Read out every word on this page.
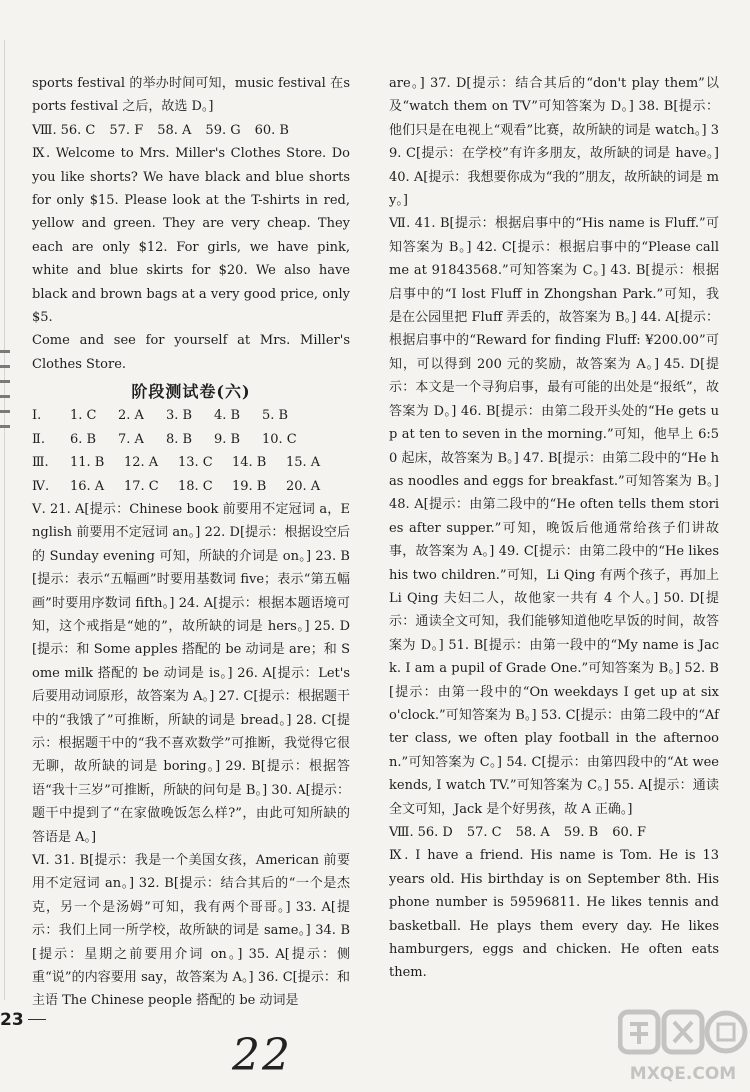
sports festival 的举办时间可知，music festival 在sports festival 之后，故选 D。]

Ⅷ. 56. C 57. F 58. A 59. G 60. B

Ⅸ. Welcome to Mrs. Miller's Clothes Store. Do you like shorts? We have black and blue shorts for only $15. Please look at the T-shirts in red, yellow and green. They are very cheap. They each are only $12. For girls, we have pink, white and blue skirts for $20. We also have black and brown bags at a very good price, only $5.

Come and see for yourself at Mrs. Miller's Clothes Store.

阶段测试卷(六)
Ⅰ.	1. C	2. A	3. B	4. B	5. B
Ⅱ.	6. B	7. A	8. B	9. B	10. C
Ⅲ.	11. B	12. A	13. C	14. B	15. A
Ⅳ.	16. A	17. C	18. C	19. B	20. A

Ⅴ. 21. A[提示：Chinese book 前要用不定冠词 a，English 前要用不定冠词 an。] 22. D[提示：根据设空后的 Sunday evening 可知，所缺的介词是 on。] 23. B[提示：表示“五幅画”时要用基数词 five；表示“第五幅画”时要用序数词 fifth。] 24. A[提示：根据本题语境可知，这个戒指是“她的”，故所缺的词是 hers。] 25. D[提示：和 Some apples 搭配的 be 动词是 are；和 Some milk 搭配的 be 动词是 is。] 26. A[提示：Let's 后要用动词原形，故答案为 A。] 27. C[提示：根据题干中的“我饿了”可推断，所缺的词是 bread。] 28. C[提示：根据题干中的“我不喜欢数学”可推断，我觉得它很无聊，故所缺的词是 boring。] 29. B[提示：根据答语“我十三岁”可推断，所缺的问句是 B。] 30. A[提示：题干中提到了“在家做晚饭怎么样?”，由此可知所缺的答语是 A。]

Ⅵ. 31. B[提示：我是一个美国女孩，American 前要用不定冠词 an。] 32. B[提示：结合其后的“一个是杰克，另一个是汤姆”可知，我有两个哥哥。] 33. A[提示：我们上同一所学校，故所缺的词是 same。] 34. B[提示：星期之前要用介词 on。] 35. A[提示：侧重“说”的内容要用 say，故答案为 A。] 36. C[提示：和主语 The Chinese people 搭配的 be 动词是

are。] 37. D[提示：结合其后的“don't play them”以及“watch them on TV”可知答案为 D。] 38. B[提示：他们只是在电视上“观看”比赛，故所缺的词是 watch。] 39. C[提示：在学校”有许多朋友，故所缺的词是 have。] 40. A[提示：我想要你成为“我的”朋友，故所缺的词是 my。]

Ⅶ. 41. B[提示：根据启事中的“His name is Fluff.”可知答案为 B。] 42. C[提示：根据启事中的“Please call me at 91843568.”可知答案为 C。] 43. B[提示：根据启事中的“I lost Fluff in Zhongshan Park.”可知，我是在公园里把 Fluff 弄丢的，故答案为 B。] 44. A[提示：根据启事中的“Reward for finding Fluff: ¥200.00”可知，可以得到 200 元的奖励，故答案为 A。] 45. D[提示：本文是一个寻狗启事，最有可能的出处是“报纸”，故答案为 D。] 46. B[提示：由第二段开头处的“He gets up at ten to seven in the morning.”可知，他早上 6:50 起床，故答案为 B。] 47. B[提示：由第二段中的“He has noodles and eggs for breakfast.”可知答案为 B。] 48. A[提示：由第二段中的“He often tells them stories after supper.”可知，晚饭后他通常给孩子们讲故事，故答案为 A。] 49. C[提示：由第二段中的“He likes his two children.”可知，Li Qing 有两个孩子，再加上 Li Qing 夫妇二人，故他家一共有 4 个人。] 50. D[提示：通读全文可知，我们能够知道他吃早饭的时间，故答案为 D。] 51. B[提示：由第一段中的“My name is Jack. I am a pupil of Grade One.”可知答案为 B。] 52. B[提示：由第一段中的“On weekdays I get up at six o'clock.”可知答案为 B。] 53. C[提示：由第二段中的“After class, we often play football in the afternoon.”可知答案为 C。] 54. C[提示：由第四段中的“At weekends, I watch TV.”可知答案为 C。] 55. A[提示：通读全文可知，Jack 是个好男孩，故 A 正确。]

Ⅷ. 56. D 57. C 58. A 59. B 60. F

Ⅸ. I have a friend. His name is Tom. He is 13 years old. His birthday is on September 8th. His phone number is 59596811. He likes tennis and basketball. He plays them every day. He likes hamburgers, eggs and chicken. He often eats them.

23
22	MXQE.COM
